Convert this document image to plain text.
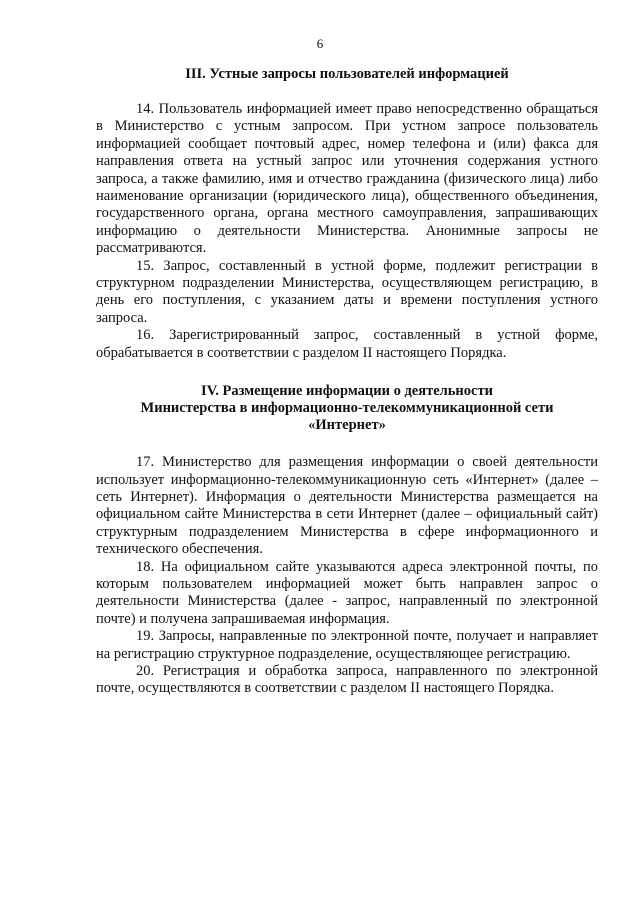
6
III. Устные запросы пользователей информацией

14. Пользователь информацией имеет право непосредственно обращаться в Министерство с устным запросом. При устном запросе пользователь информацией сообщает почтовый адрес, номер телефона и (или) факса для направления ответа на устный запрос или уточнения содержания устного запроса, а также фамилию, имя и отчество гражданина (физического лица) либо наименование организации (юридического лица), общественного объединения, государственного органа, органа местного самоуправления, запрашивающих информацию о деятельности Министерства. Анонимные запросы не рассматриваются.

15. Запрос, составленный в устной форме, подлежит регистрации в структурном подразделении Министерства, осуществляющем регистрацию, в день его поступления, с указанием даты и времени поступления устного запроса.

16. Зарегистрированный запрос, составленный в устной форме, обрабатывается в соответствии с разделом II настоящего Порядка.

IV. Размещение информации о деятельности
Министерства в информационно-телекоммуникационной сети
«Интернет»

17. Министерство для размещения информации о своей деятельности использует информационно-телекоммуникационную сеть «Интернет» (далее – сеть Интернет). Информация о деятельности Министерства размещается на официальном сайте Министерства в сети Интернет (далее – официальный сайт) структурным подразделением Министерства в сфере информационного и технического обеспечения.

18. На официальном сайте указываются адреса электронной почты, по которым пользователем информацией может быть направлен запрос о деятельности Министерства (далее - запрос, направленный по электронной почте) и получена запрашиваемая информация.

19. Запросы, направленные по электронной почте, получает и направляет на регистрацию структурное подразделение, осуществляющее регистрацию.

20. Регистрация и обработка запроса, направленного по электронной почте, осуществляются в соответствии с разделом II настоящего Порядка.
